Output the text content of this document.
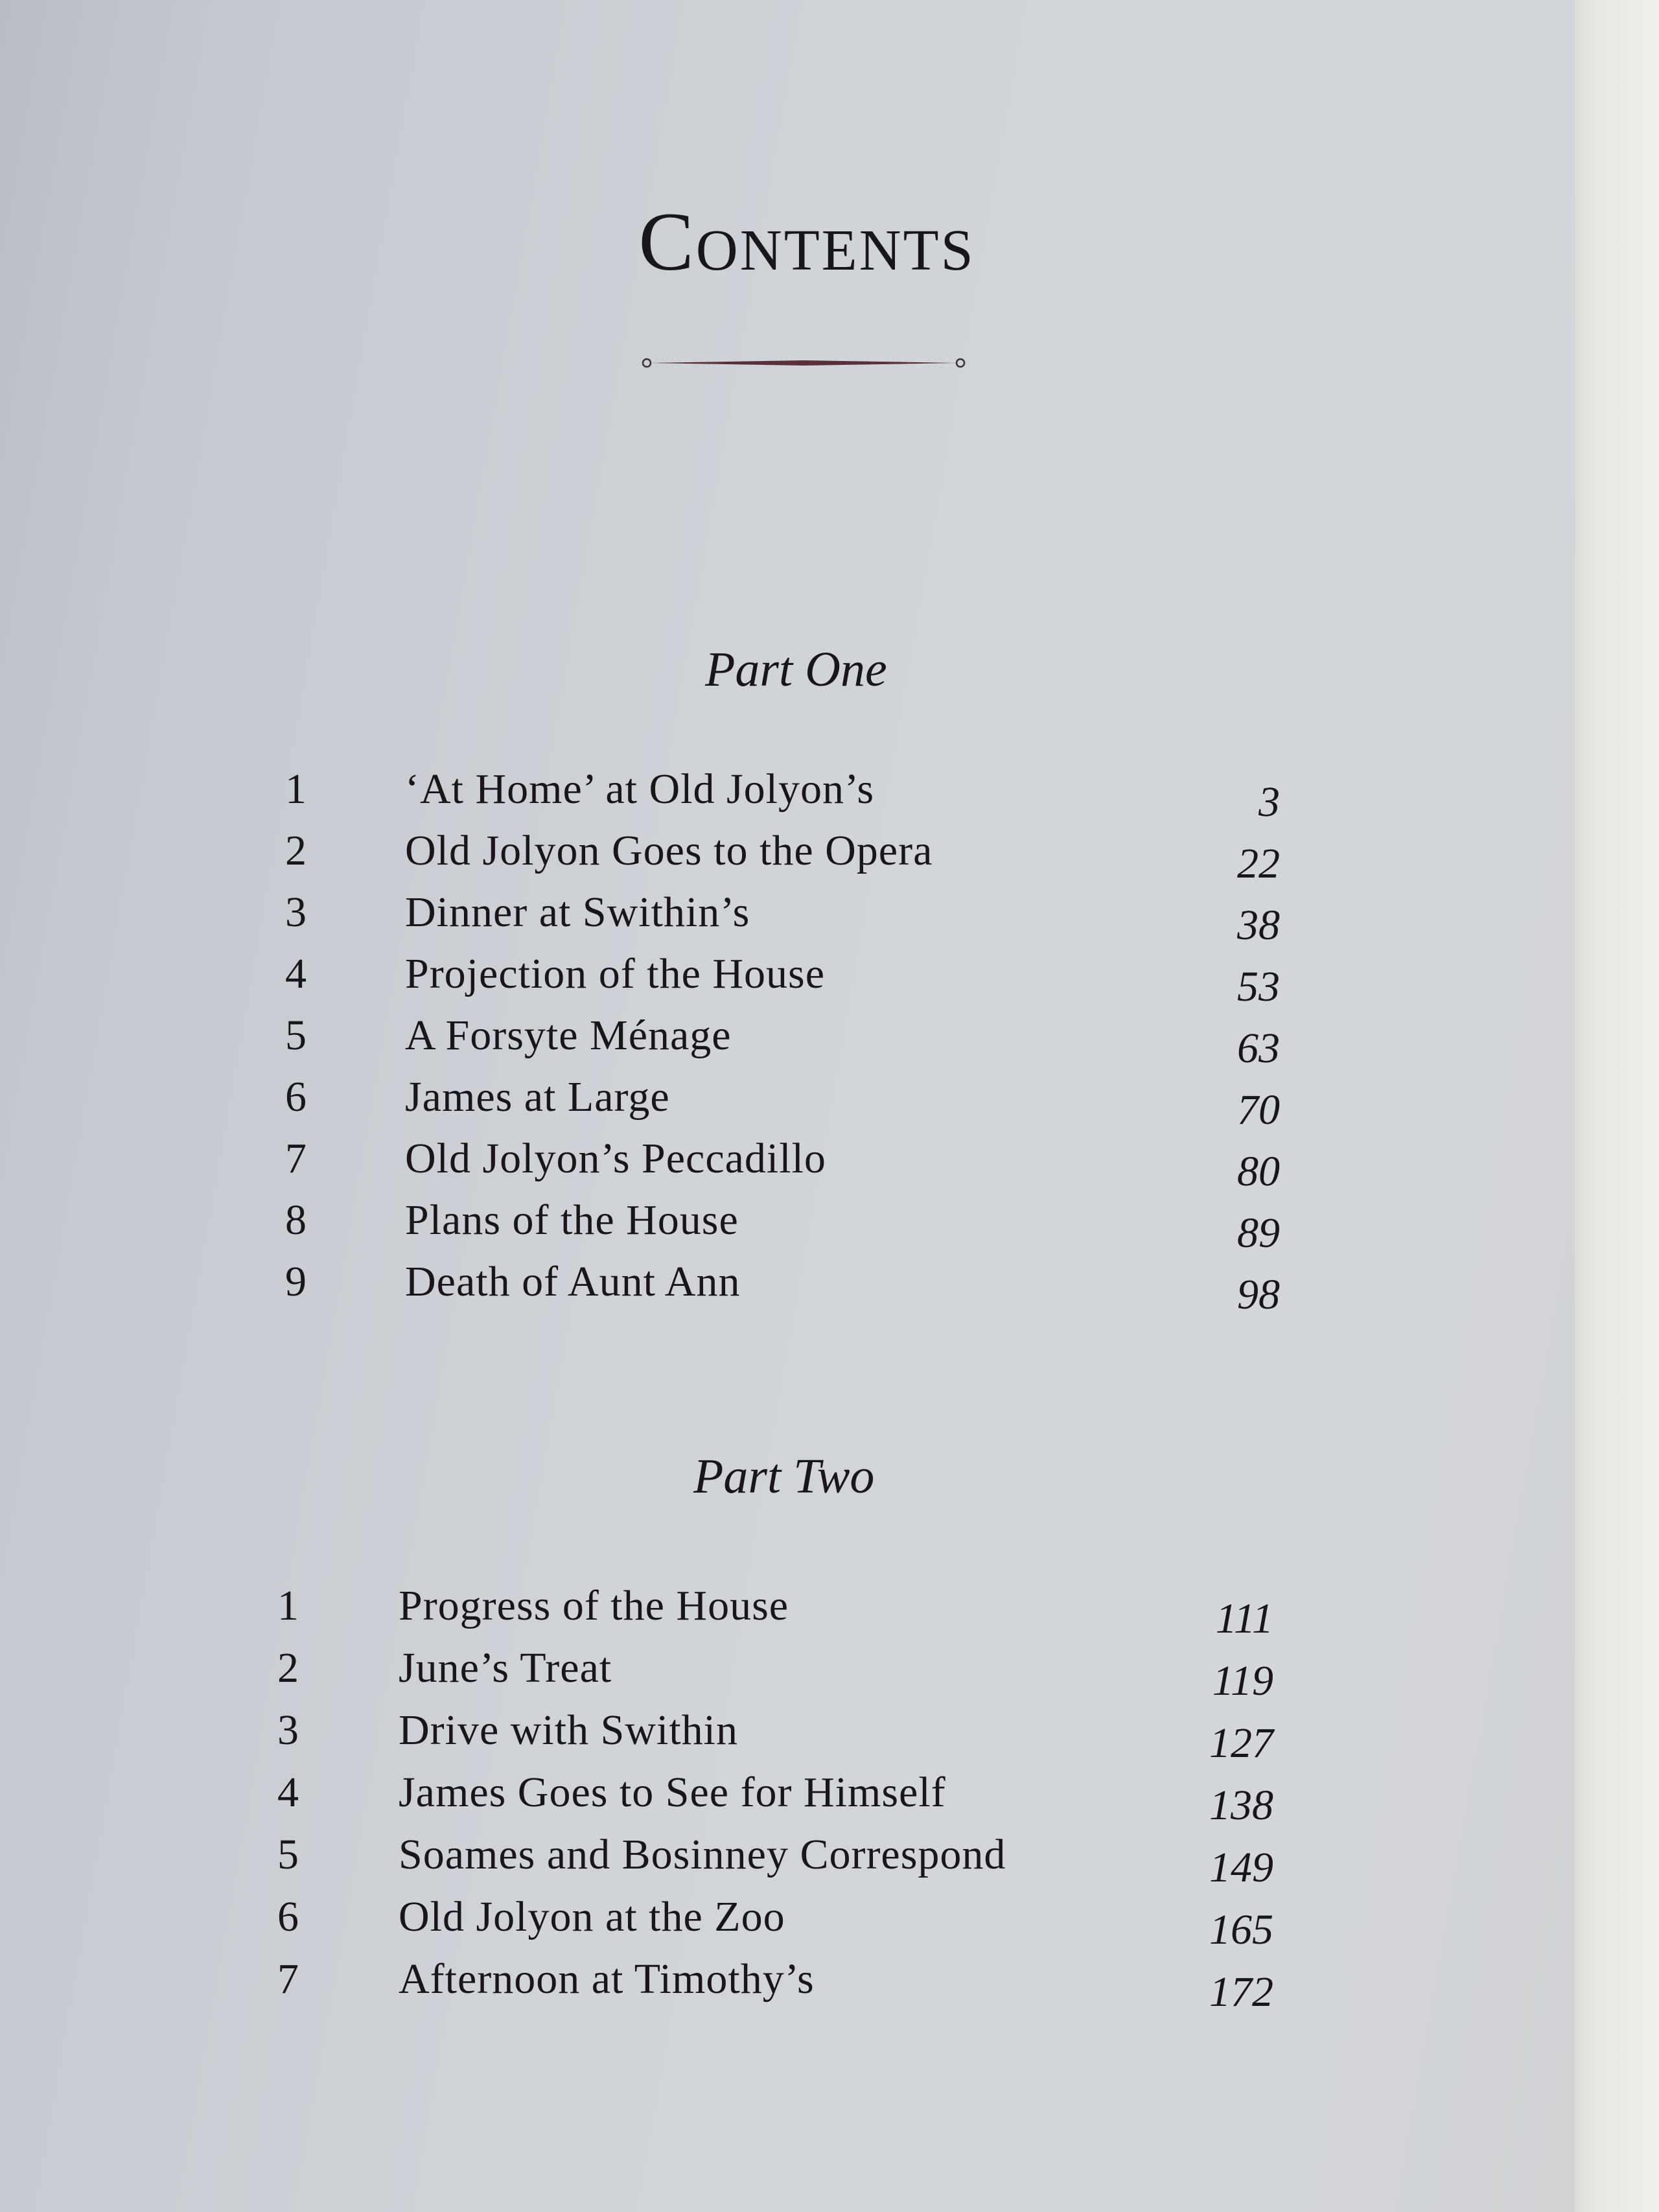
Contents
Part One
1 ‘At Home’ at Old Jolyon’s	3
2 Old Jolyon Goes to the Opera	22
3 Dinner at Swithin’s	38
4 Projection of the House	53
5 A Forsyte Ménage	63
6 James at Large	70
7 Old Jolyon’s Peccadillo	80
8 Plans of the House	89
9 Death of Aunt Ann	98
Part Two
1 Progress of the House	111
2 June’s Treat	119
3 Drive with Swithin	127
4 James Goes to See for Himself	138
5 Soames and Bosinney Correspond	149
6 Old Jolyon at the Zoo	165
7 Afternoon at Timothy’s	172
